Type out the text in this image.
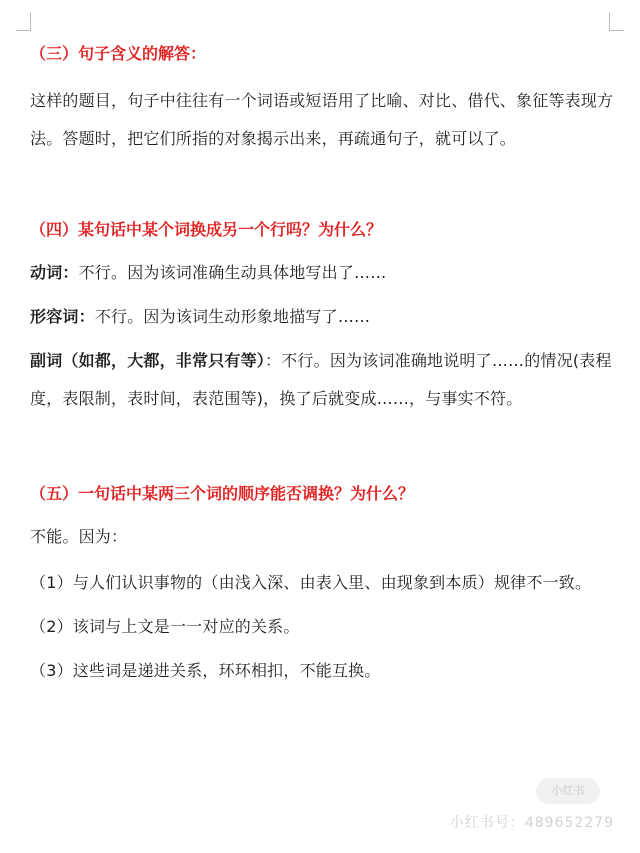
（三）句子含义的解答：

这样的题目，句子中往往有一个词语或短语用了比喻、对比、借代、象征等表现方法。答题时，把它们所指的对象揭示出来，再疏通句子，就可以了。

（四）某句话中某个词换成另一个行吗？为什么？

动词：不行。因为该词准确生动具体地写出了……

形容词：不行。因为该词生动形象地描写了……

副词（如都，大都，非常只有等）：不行。因为该词准确地说明了……的情况(表程度，表限制，表时间，表范围等)，换了后就变成……，与事实不符。

（五）一句话中某两三个词的顺序能否调换？为什么？

不能。因为：

（1）与人们认识事物的（由浅入深、由表入里、由现象到本质）规律不一致。

（2）该词与上文是一一对应的关系。

（3）这些词是递进关系，环环相扣，不能互换。

小红书
小红书号：489652279
